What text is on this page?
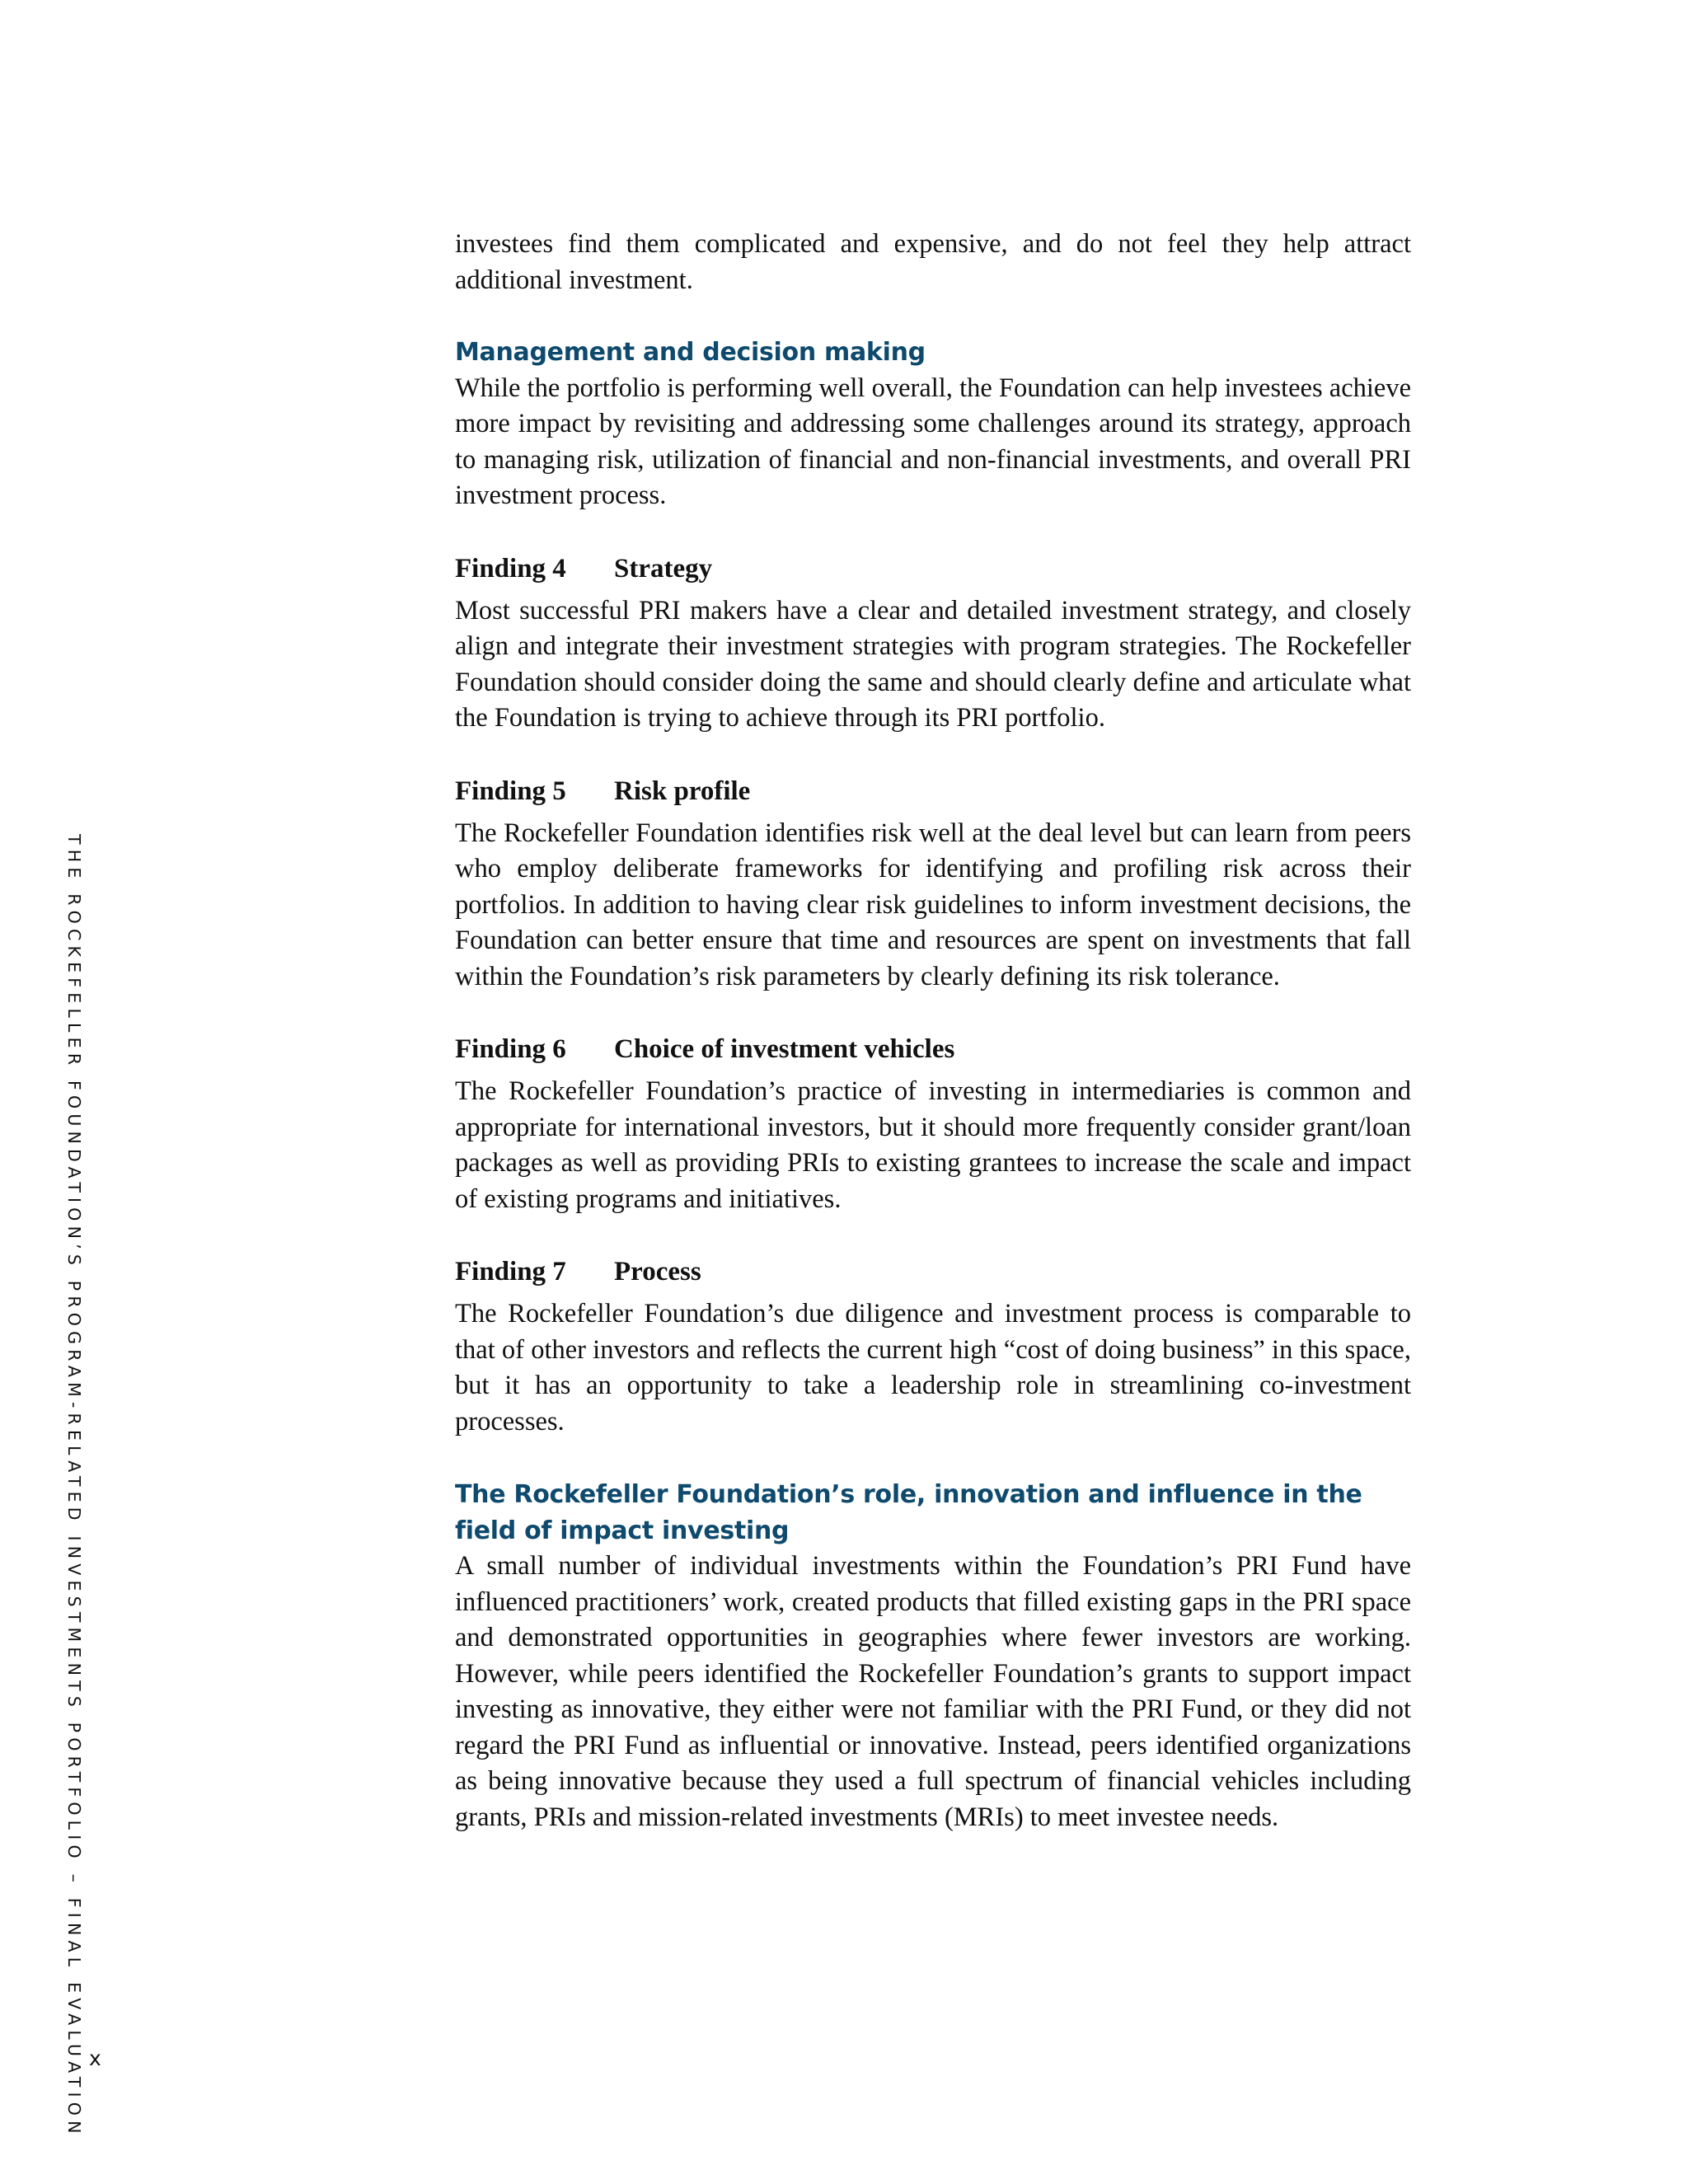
THE ROCKEFELLER FOUNDATION’S PROGRAM-RELATED INVESTMENTS PORTFOLIO – FINAL EVALUATION x

investees find them complicated and expensive, and do not feel they help attract additional investment.

Management and decision making

While the portfolio is performing well overall, the Foundation can help investees achieve more impact by revisiting and addressing some challenges around its strategy, approach to managing risk, utilization of financial and non-financial investments, and overall PRI investment process.

Finding 4 Strategy

Most successful PRI makers have a clear and detailed investment strategy, and closely align and integrate their investment strategies with program strategies. The Rockefeller Foundation should consider doing the same and should clearly define and articulate what the Foundation is trying to achieve through its PRI portfolio.

Finding 5 Risk profile

The Rockefeller Foundation identifies risk well at the deal level but can learn from peers who employ deliberate frameworks for identifying and profiling risk across their portfolios. In addition to having clear risk guidelines to inform investment decisions, the Foundation can better ensure that time and resources are spent on investments that fall within the Foundation’s risk parameters by clearly defining its risk tolerance.

Finding 6 Choice of investment vehicles

The Rockefeller Foundation’s practice of investing in intermediaries is common and appropriate for international investors, but it should more frequently consider grant/loan packages as well as providing PRIs to existing grantees to increase the scale and impact of existing programs and initiatives.

Finding 7 Process

The Rockefeller Foundation’s due diligence and investment process is comparable to that of other investors and reflects the current high “cost of doing business” in this space, but it has an opportunity to take a leadership role in streamlining co-investment processes.

The Rockefeller Foundation’s role, innovation and influence in the field of impact investing

A small number of individual investments within the Foundation’s PRI Fund have influenced practitioners’ work, created products that filled existing gaps in the PRI space and demonstrated opportunities in geographies where fewer investors are working. However, while peers identified the Rockefeller Foundation’s grants to support impact investing as innovative, they either were not familiar with the PRI Fund, or they did not regard the PRI Fund as influential or innovative. Instead, peers identified organizations as being innovative because they used a full spectrum of financial vehicles including grants, PRIs and mission-related investments (MRIs) to meet investee needs.
